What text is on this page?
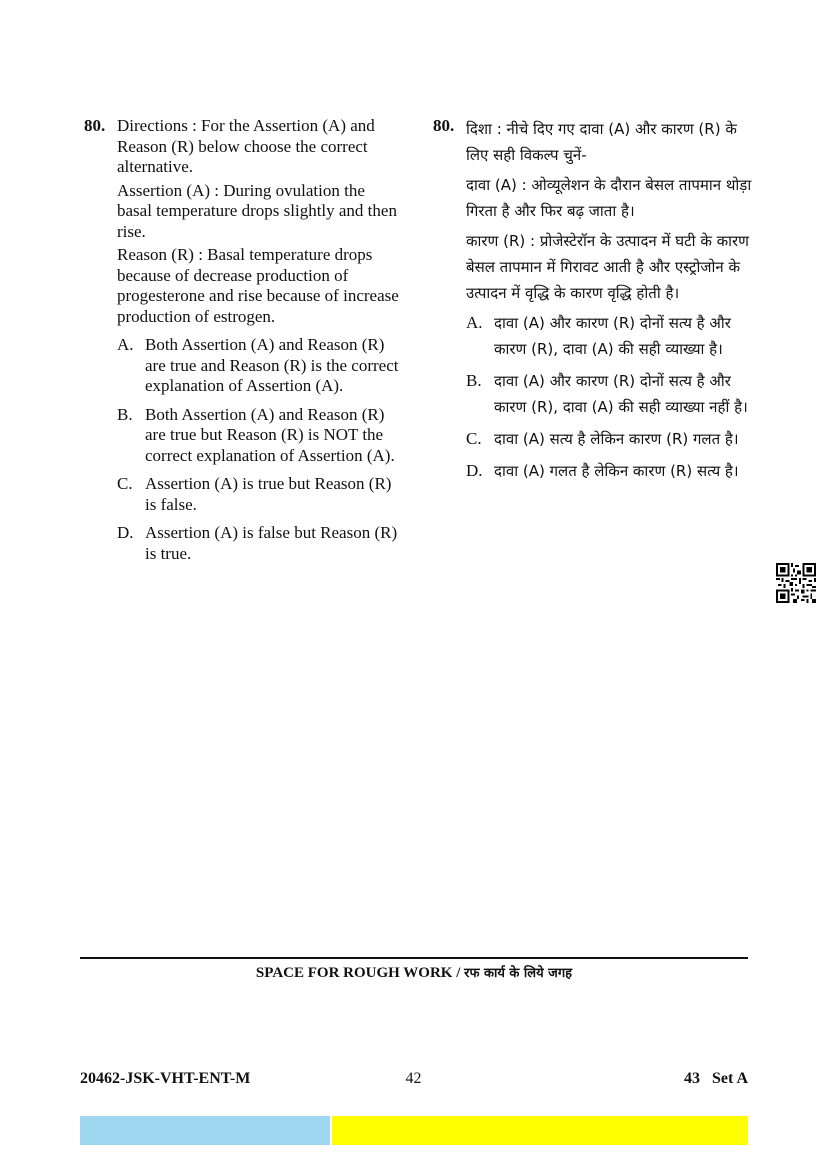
80. Directions : For the Assertion (A) and Reason (R) below choose the correct alternative.

Assertion (A) : During ovulation the basal temperature drops slightly and then rise.

Reason (R) : Basal temperature drops because of decrease production of progesterone and rise because of increase production of estrogen.

A. Both Assertion (A) and Reason (R) are true and Reason (R) is the correct explanation of Assertion (A).
B. Both Assertion (A) and Reason (R) are true but Reason (R) is NOT the correct explanation of Assertion (A).
C. Assertion (A) is true but Reason (R) is false.
D. Assertion (A) is false but Reason (R) is true.
80. दिशा : नीचे दिए गए दावा (A) और कारण (R) के लिए सही विकल्प चुनें-

दावा (A) : ओव्यूलेशन के दौरान बेसल तापमान थोड़ा गिरता है और फिर बढ़ जाता है।

कारण (R) : प्रोजेस्टेरॉन के उत्पादन में घटी के कारण बेसल तापमान में गिरावट आती है और एस्ट्रोजोन के उत्पादन में वृद्धि के कारण वृद्धि होती है।

A. दावा (A) और कारण (R) दोनों सत्य है और कारण (R), दावा (A) की सही व्याख्या है।
B. दावा (A) और कारण (R) दोनों सत्य है और कारण (R), दावा (A) की सही व्याख्या नहीं है।
C. दावा (A) सत्य है लेकिन कारण (R) गलत है।
D. दावा (A) गलत है लेकिन कारण (R) सत्य है।
SPACE FOR ROUGH WORK / रफ कार्य के लिये जगह
20462-JSK-VHT-ENT-M	42	43   Set A
